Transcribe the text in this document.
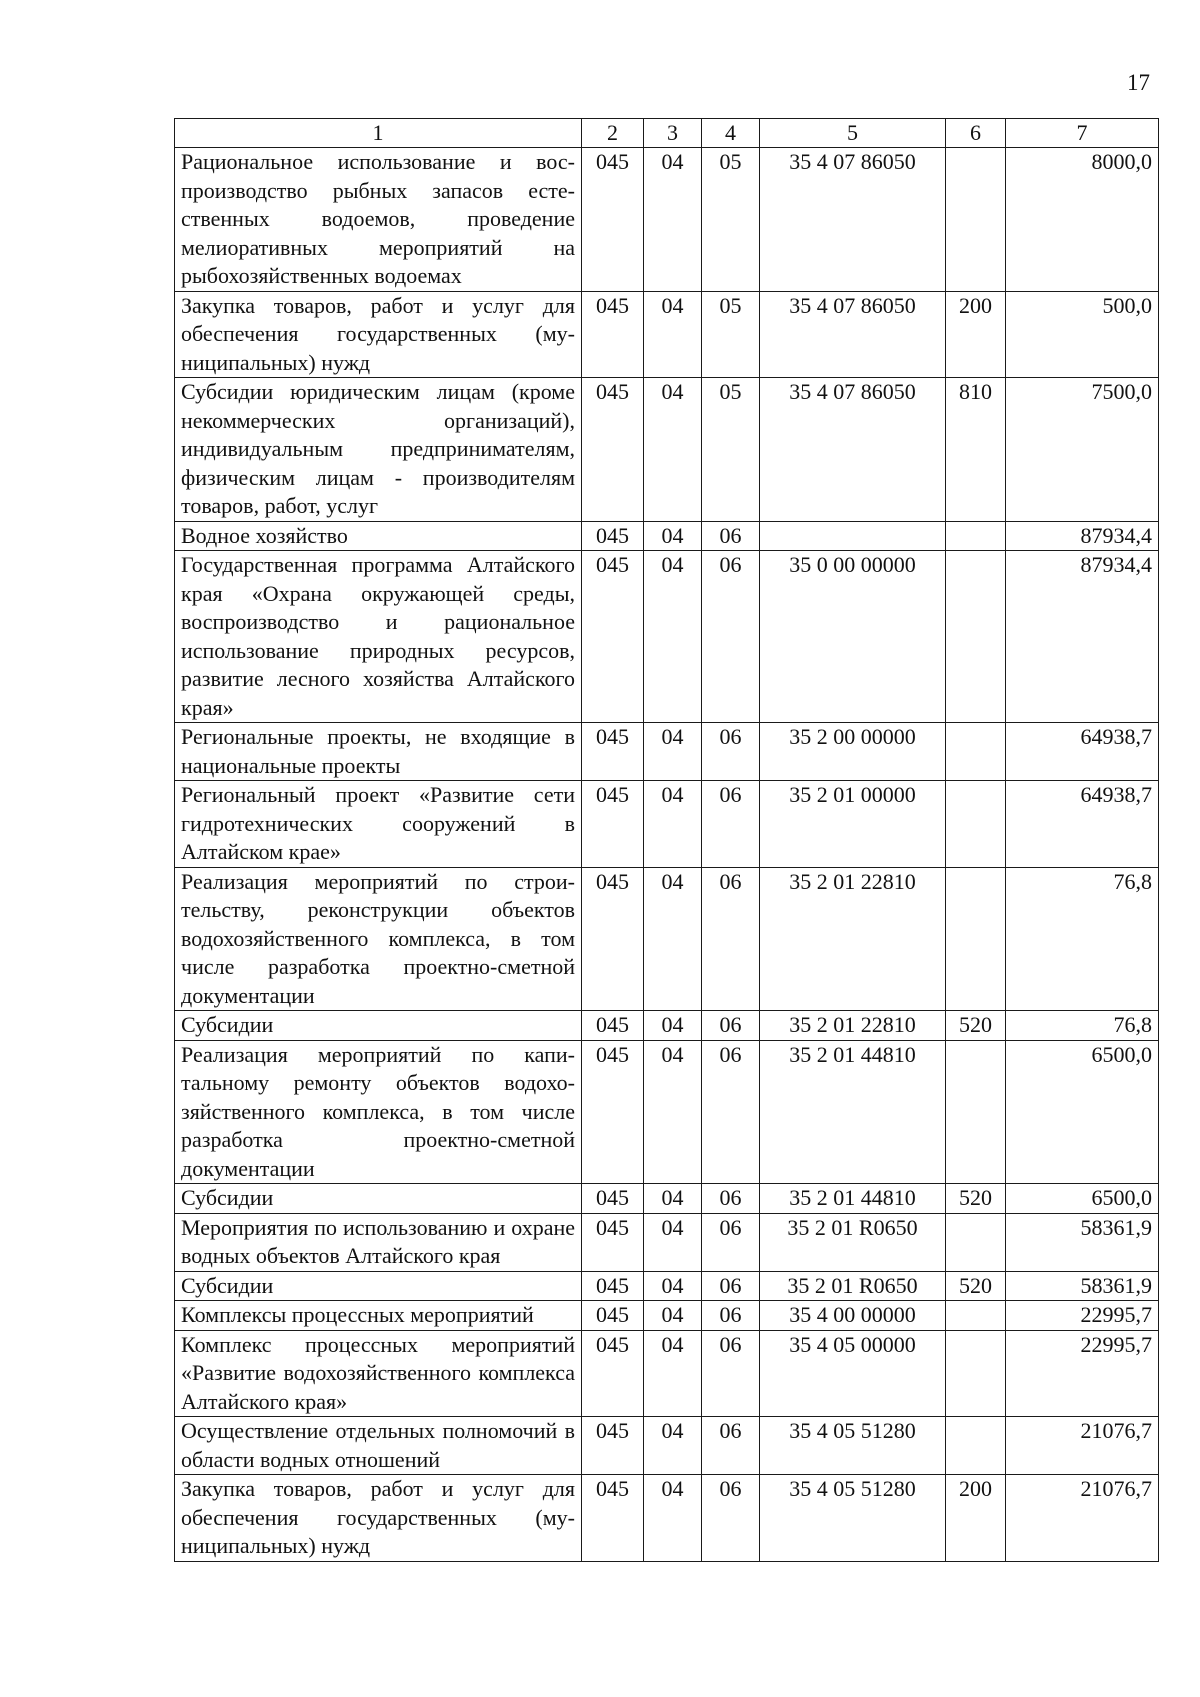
17
1	2	3	4	5	6	7
Рациональное использование и воспроизводство рыбных запасов естественных водоемов, проведение мелиоративных мероприятий на рыбохозяйственных водоемах	045	04	05	35 4 07 86050		8000,0
Закупка товаров, работ и услуг для обеспечения государственных (муниципальных) нужд	045	04	05	35 4 07 86050	200	500,0
Субсидии юридическим лицам (кроме некоммерческих организаций), индивидуальным предпринимателям, физическим лицам - производителям товаров, работ, услуг	045	04	05	35 4 07 86050	810	7500,0
Водное хозяйство	045	04	06			87934,4
Государственная программа Алтайского края «Охрана окружающей среды, воспроизводство и рациональное использование природных ресурсов, развитие лесного хозяйства Алтайского края»	045	04	06	35 0 00 00000		87934,4
Региональные проекты, не входящие в национальные проекты	045	04	06	35 2 00 00000		64938,7
Региональный проект «Развитие сети гидротехнических сооружений в Алтайском крае»	045	04	06	35 2 01 00000		64938,7
Реализация мероприятий по строительству, реконструкции объектов водохозяйственного комплекса, в том числе разработка проектно-сметной документации	045	04	06	35 2 01 22810		76,8
Субсидии	045	04	06	35 2 01 22810	520	76,8
Реализация мероприятий по капитальному ремонту объектов водохозяйственного комплекса, в том числе разработка проектно-сметной документации	045	04	06	35 2 01 44810		6500,0
Субсидии	045	04	06	35 2 01 44810	520	6500,0
Мероприятия по использованию и охране водных объектов Алтайского края	045	04	06	35 2 01 R0650		58361,9
Субсидии	045	04	06	35 2 01 R0650	520	58361,9
Комплексы процессных мероприятий	045	04	06	35 4 00 00000		22995,7
Комплекс процессных мероприятий «Развитие водохозяйственного комплекса Алтайского края»	045	04	06	35 4 05 00000		22995,7
Осуществление отдельных полномочий в области водных отношений	045	04	06	35 4 05 51280		21076,7
Закупка товаров, работ и услуг для обеспечения государственных (муниципальных) нужд	045	04	06	35 4 05 51280	200	21076,7
